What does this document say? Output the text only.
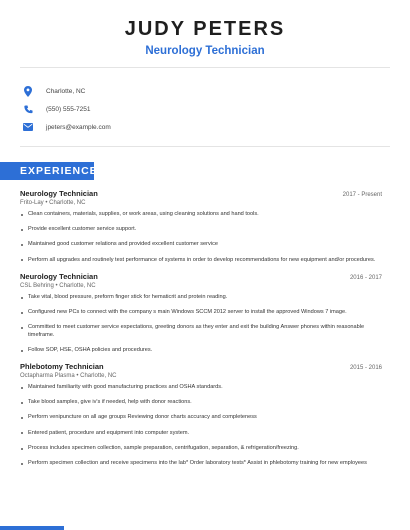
JUDY PETERS
Neurology Technician
Charlotte, NC
(550) 555-7251
jpeters@example.com
EXPERIENCE
Neurology Technician	2017 - Present
Frito-Lay • Charlotte, NC
Clean containers, materials, supplies, or work areas, using cleaning solutions and hand tools.
Provide excellent customer service support.
Maintained good customer relations and provided excellent customer service
Perform all upgrades and routinely test performance of systems in order to develop recommendations for new equipment and/or procedures.
Neurology Technician	2016 - 2017
CSL Behring • Charlotte, NC
Take vital, blood pressure, preform finger stick for hematicrit and protein reading.
Configured new PCs to connect with the company s main Windows SCCM 2012 server to install the approved Windows 7 image.
Committed to meet customer service expectations, greeting donors as they enter and exit the building Answer phones within reasonable timeframe.
Follow SOP, HSE, OSHA policies and procedures.
Phlebotomy Technician	2015 - 2016
Octapharma Plasma • Charlotte, NC
Maintained familiarity with good manufacturing practices and OSHA standards.
Take blood samples, give iv's if needed, help with donor reactions.
Perform venipuncture on all age groups Reviewing donor charts accuracy and completeness
Entered patient, procedure and equipment into computer system.
Process includes specimen collection, sample preparation, centrifugation, separation, & refrigeration/freezing.
Perform specimen collection and receive specimens into the lab* Order laboratory tests* Assist in phlebotomy training for new employees
